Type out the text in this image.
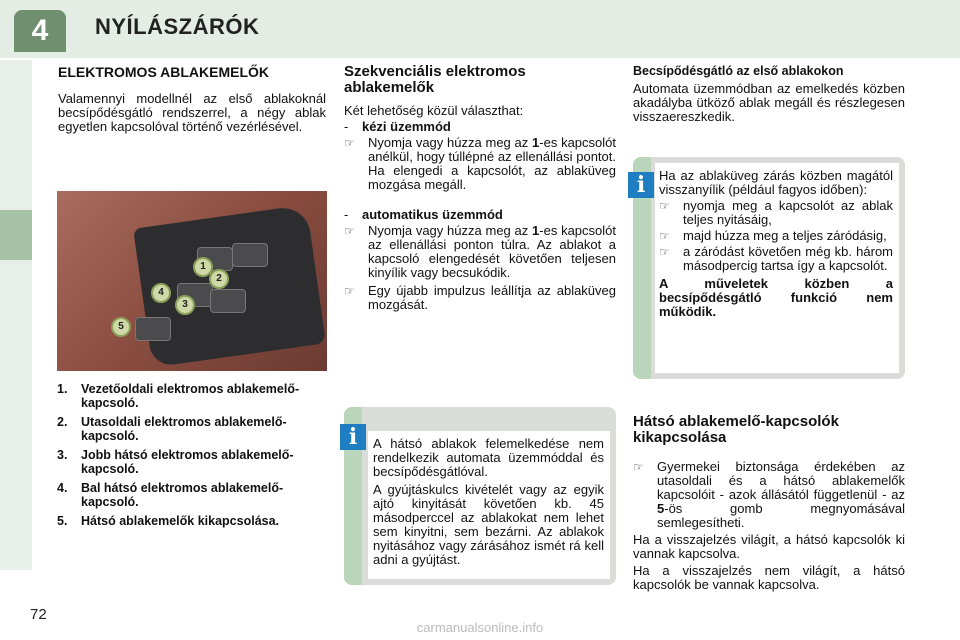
4	NYÍLÁSZÁRÓK
ELEKTROMOS ABLAKEMELŐK

Valamennyi modellnél az első ablakoknál becsípődésgátló rendszerrel, a négy ablak egyetlen kapcsolóval történő vezérlésével.

1
2
3
4
5
1.	Vezetőoldali elektromos ablakemelő-kapcsoló.
2.	Utasoldali elektromos ablakemelő-kapcsoló.
3.	Jobb hátsó elektromos ablakemelő-kapcsoló.
4.	Bal hátsó elektromos ablakemelő-kapcsoló.
5.	Hátsó ablakemelők kikapcsolása.
Szekvenciális elektromos ablakemelők

Két lehetőség közül választhat:

- kézi üzemmód
☞ Nyomja vagy húzza meg az 1-es kapcsolót anélkül, hogy túllépné az ellenállási pontot. Ha elengedi a kapcsolót, az ablaküveg mozgása megáll.
- automatikus üzemmód
☞ Nyomja vagy húzza meg az 1-es kapcsolót az ellenállási ponton túlra. Az ablakot a kapcsoló elengedését követően teljesen kinyílik vagy becsukódik.
☞ Egy újabb impulzus leállítja az ablaküveg mozgását.

A hátsó ablakok felemelkedése nem rendelkezik automata üzemmóddal és becsípődésgátlóval.

A gyújtáskulcs kivételét vagy az egyik ajtó kinyitását követően kb. 45 másodperccel az ablakokat nem lehet sem kinyitni, sem bezárni. Az ablakok nyitásához vagy zárásához ismét rá kell adni a gyújtást.

i
Becsípődésgátló az első ablakokon

Automata üzemmódban az emelkedés közben akadályba ütköző ablak megáll és részlegesen visszaereszkedik.

Ha az ablaküveg zárás közben magától visszanyílik (például fagyos időben):

☞ nyomja meg a kapcsolót az ablak teljes nyitásáig,
☞ majd húzza meg a teljes záródásig,
☞ a záródást követően még kb. három másodpercig tartsa így a kapcsolót.

A műveletek közben a becsípődésgátló funkció nem működik.

i
Hátsó ablakemelő-kapcsolók kikapcsolása
☞ Gyermekei biztonsága érdekében az utasoldali és a hátsó ablakemelők kapcsolóit - azok állásától függetlenül - az 5-ös gomb megnyomásával semlegesítheti.

Ha a visszajelzés világít, a hátsó kapcsolók ki vannak kapcsolva.

Ha a visszajelzés nem világít, a hátsó kapcsolók be vannak kapcsolva.

72
carmanualsonline.info
